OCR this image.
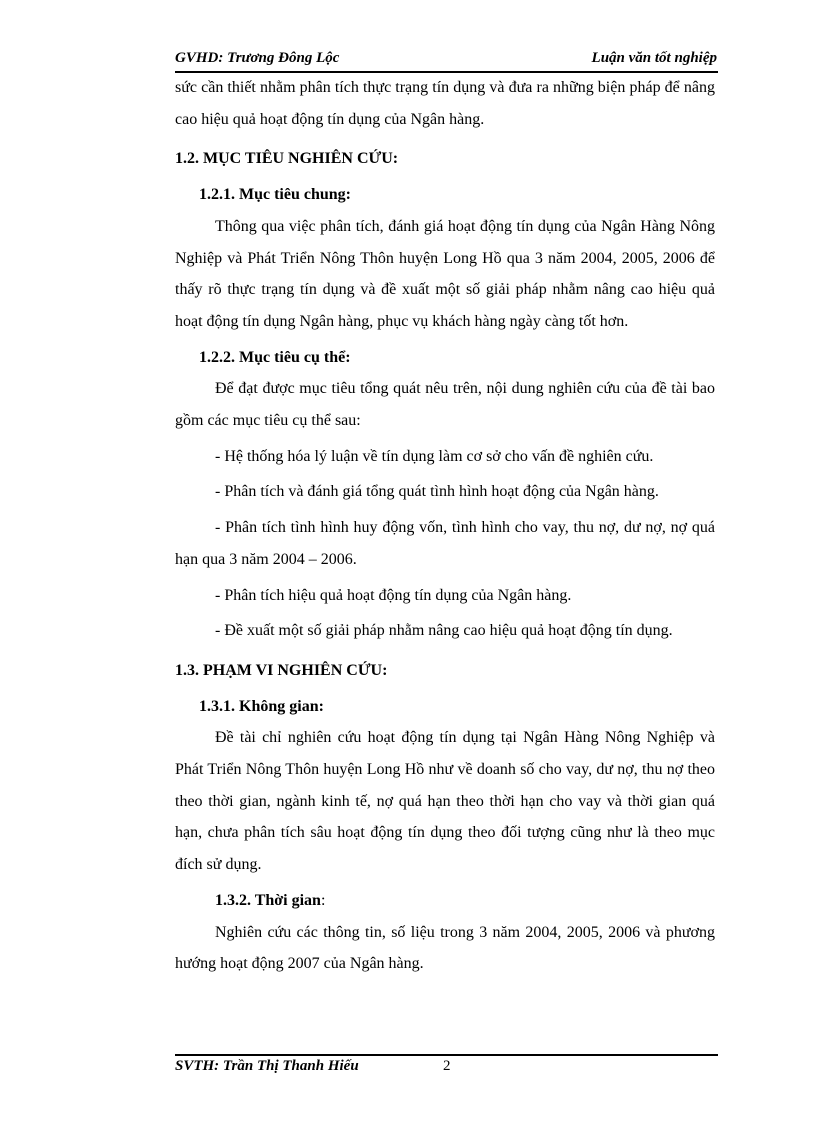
GVHD: Trương Đông Lộc	Luận văn tốt nghiệp

sức cần thiết nhằm phân tích thực trạng tín dụng và đưa ra những biện pháp để nâng cao hiệu quả hoạt động tín dụng của Ngân hàng.

1.2. MỤC TIÊU NGHIÊN CỨU:

1.2.1. Mục tiêu chung:

Thông qua việc phân tích, đánh giá hoạt động tín dụng của Ngân Hàng Nông Nghiệp và Phát Triển Nông Thôn huyện Long Hồ qua 3 năm 2004, 2005, 2006 để thấy rõ thực trạng tín dụng và đề xuất một số giải pháp nhằm nâng cao hiệu quả hoạt động tín dụng Ngân hàng, phục vụ khách hàng ngày càng tốt hơn.

1.2.2. Mục tiêu cụ thể:

Để đạt được mục tiêu tổng quát nêu trên, nội dung nghiên cứu của đề tài bao gồm các mục tiêu cụ thể sau:

- Hệ thống hóa lý luận về tín dụng làm cơ sở cho vấn đề nghiên cứu.

- Phân tích và đánh giá tổng quát tình hình hoạt động của Ngân hàng.

- Phân tích tình hình huy động vốn, tình hình cho vay, thu nợ, dư nợ, nợ quá hạn qua 3 năm 2004 – 2006.

- Phân tích hiệu quả hoạt động tín dụng của Ngân hàng.

- Đề xuất một số giải pháp nhằm nâng cao hiệu quả hoạt động tín dụng.

1.3. PHẠM VI NGHIÊN CỨU:

1.3.1. Không gian:

Đề tài chỉ nghiên cứu hoạt động tín dụng tại Ngân Hàng Nông Nghiệp và Phát Triển Nông Thôn huyện Long Hồ như về doanh số cho vay, dư nợ, thu nợ theo theo thời gian, ngành kinh tế, nợ quá hạn theo thời hạn cho vay và thời gian quá hạn, chưa phân tích sâu hoạt động tín dụng theo đối tượng cũng như là theo mục đích sử dụng.

1.3.2. Thời gian:

Nghiên cứu các thông tin, số liệu trong 3 năm 2004, 2005, 2006 và phương hướng hoạt động 2007 của Ngân hàng.

SVTH: Trần Thị Thanh Hiếu	2
